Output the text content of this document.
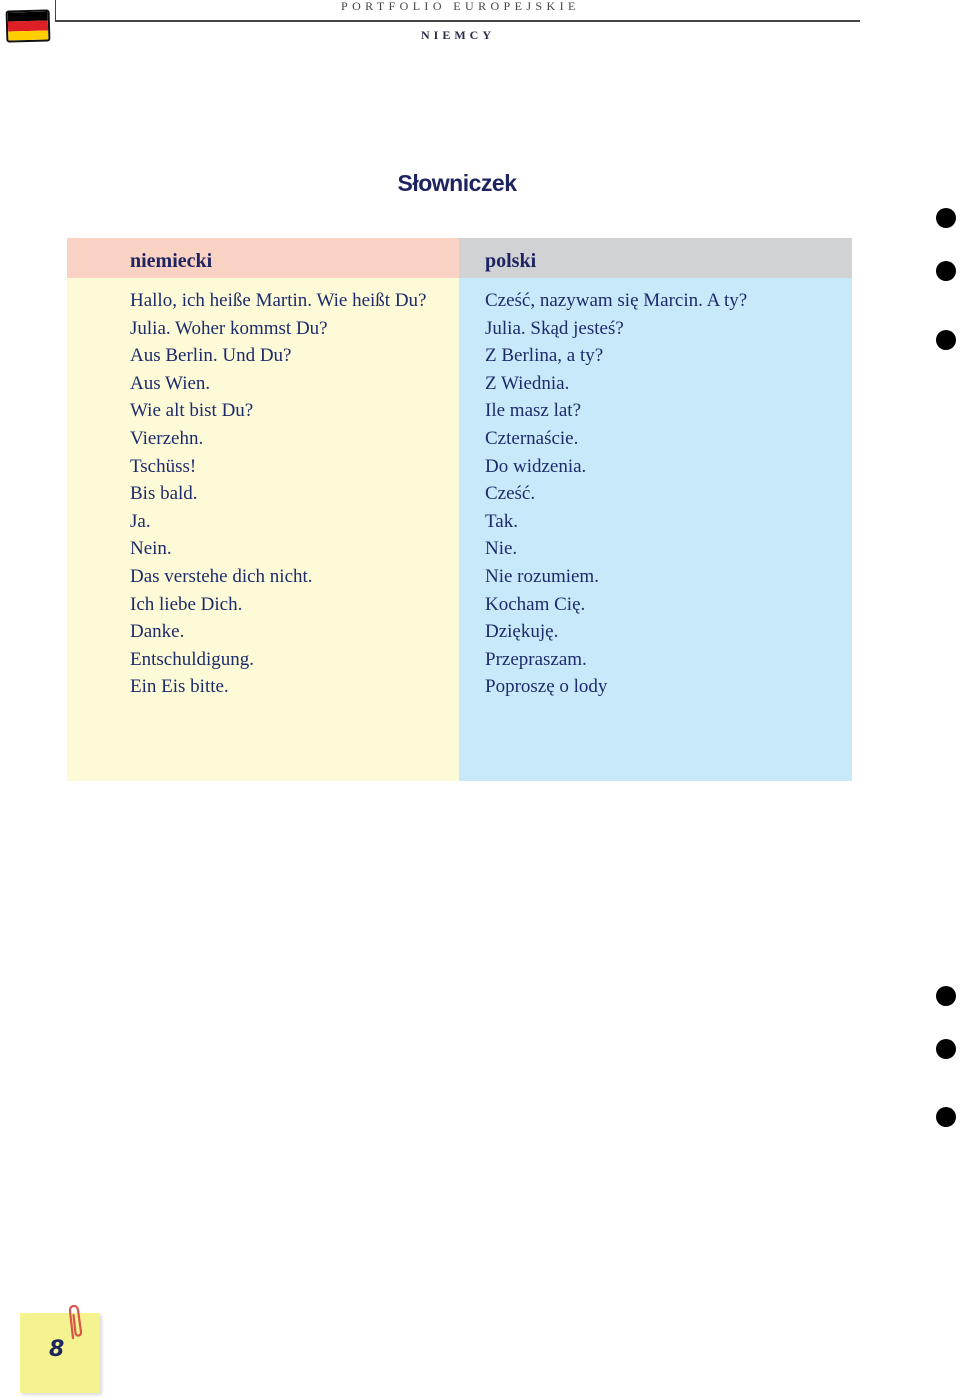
PORTFOLIO EUROPEJSKIE
NIEMCY
Słowniczek
niemiecki	polski
Hallo, ich heiße Martin. Wie heißt Du?
Julia. Woher kommst Du?
Aus Berlin. Und Du?
Aus Wien.
Wie alt bist Du?
Vierzehn.
Tschüss!
Bis bald.
Ja.
Nein.
Das verstehe dich nicht.
Ich liebe Dich.
Danke.
Entschuldigung.
Ein Eis bitte.
Cześć, nazywam się Marcin. A ty?
Julia. Skąd jesteś?
Z Berlina, a ty?
Z Wiednia.
Ile masz lat?
Czternaście.
Do widzenia.
Cześć.
Tak.
Nie.
Nie rozumiem.
Kocham Cię.
Dziękuję.
Przepraszam.
Poproszę o lody
8
